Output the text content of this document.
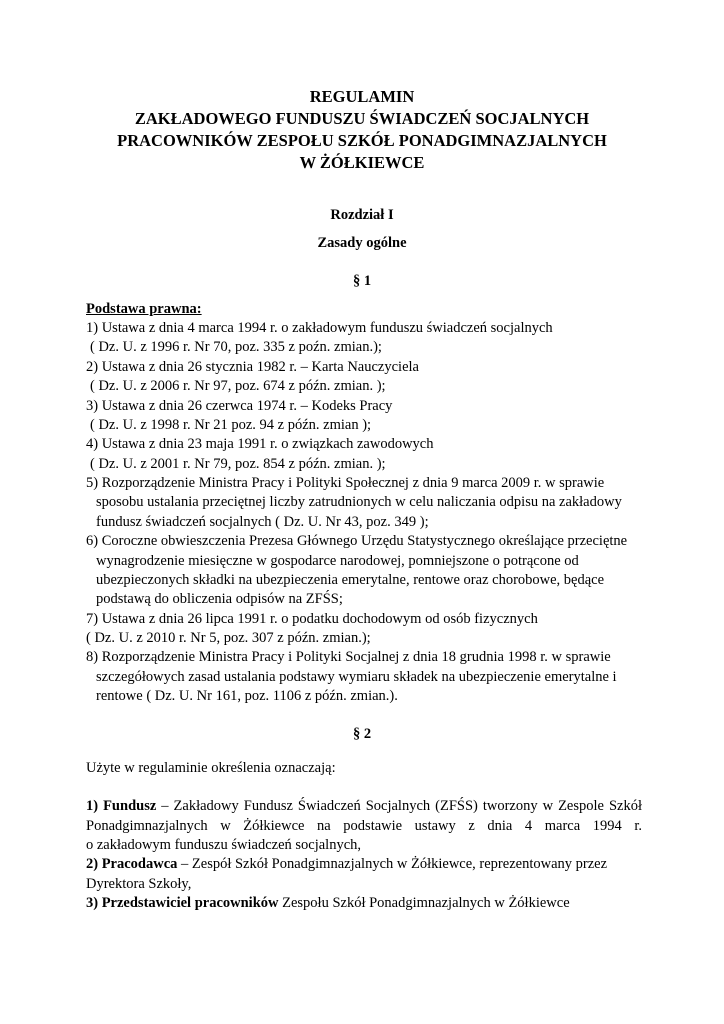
REGULAMIN
ZAKŁADOWEGO FUNDUSZU ŚWIADCZEŃ SOCJALNYCH
PRACOWNIKÓW ZESPOŁU SZKÓŁ PONADGIMNAZJALNYCH
W ŻÓŁKIEWCE
Rozdział I
Zasady ogólne
§ 1
Podstawa prawna:
1) Ustawa z dnia 4 marca 1994 r. o zakładowym funduszu świadczeń socjalnych
( Dz. U. z 1996 r. Nr 70, poz. 335 z poźn. zmian.);
2) Ustawa z dnia 26 stycznia 1982 r. – Karta Nauczyciela
( Dz. U. z 2006 r. Nr 97, poz. 674 z późn. zmian. );
3) Ustawa z dnia 26 czerwca 1974 r. – Kodeks Pracy
( Dz. U. z 1998 r. Nr 21 poz. 94 z późn. zmian );
4) Ustawa z dnia 23 maja 1991 r. o związkach zawodowych
( Dz. U. z 2001 r. Nr 79, poz. 854 z późn. zmian. );
5) Rozporządzenie Ministra Pracy i Polityki Społecznej z dnia 9 marca 2009 r. w sprawie
sposobu ustalania przeciętnej liczby zatrudnionych w celu naliczania odpisu na zakładowy
fundusz świadczeń socjalnych ( Dz. U. Nr 43, poz. 349 );
6) Coroczne obwieszczenia Prezesa Głównego Urzędu Statystycznego określające przeciętne
wynagrodzenie miesięczne w gospodarce narodowej, pomniejszone o potrącone od
ubezpieczonych składki na ubezpieczenia emerytalne, rentowe oraz chorobowe, będące
podstawą do obliczenia odpisów na ZFŚS;
7) Ustawa z dnia 26 lipca 1991 r. o podatku dochodowym od osób fizycznych
( Dz. U. z 2010 r. Nr 5, poz. 307 z późn. zmian.);
8) Rozporządzenie Ministra Pracy i Polityki Socjalnej z dnia 18 grudnia 1998 r. w sprawie
szczegółowych zasad ustalania podstawy wymiaru składek na ubezpieczenie emerytalne i
rentowe ( Dz. U. Nr 161, poz. 1106 z późn. zmian.).
§ 2
Użyte w regulaminie określenia oznaczają:
1) Fundusz – Zakładowy Fundusz Świadczeń Socjalnych (ZFŚS) tworzony w Zespole Szkół
Ponadgimnazjalnych w Żółkiewce na podstawie ustawy z dnia 4 marca 1994 r.
o zakładowym funduszu świadczeń socjalnych,
2) Pracodawca – Zespół Szkół Ponadgimnazjalnych w Żółkiewce, reprezentowany przez
Dyrektora Szkoły,
3) Przedstawiciel pracowników Zespołu Szkół Ponadgimnazjalnych w Żółkiewce
